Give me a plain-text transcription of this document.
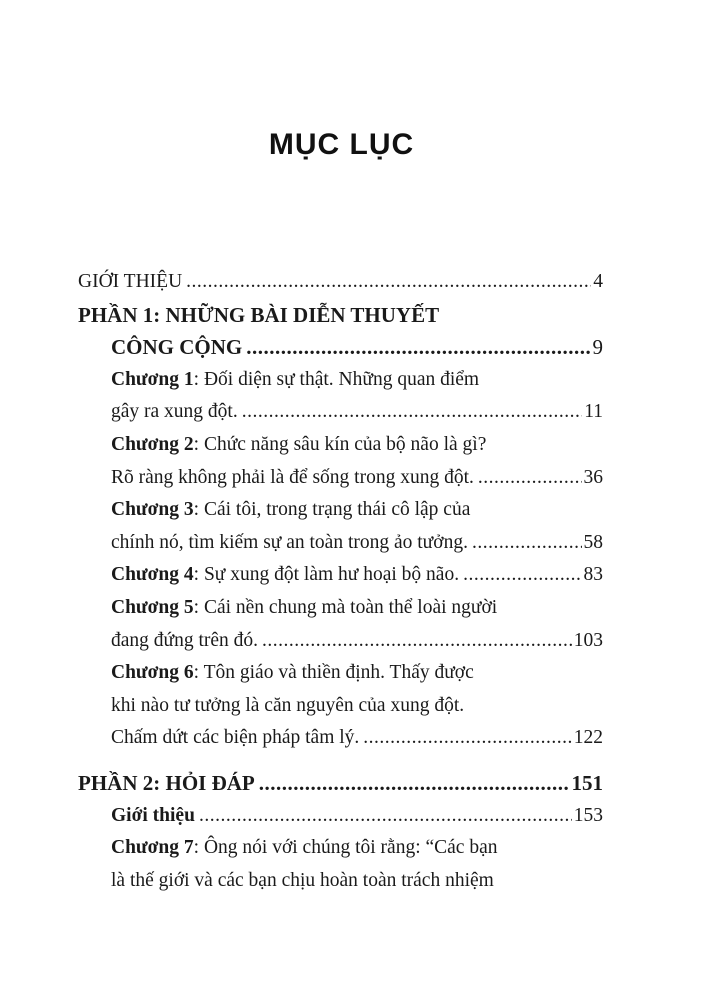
MỤC LỤC
GIỚI THIỆU .....	4
PHẦN 1: NHỮNG BÀI DIỄN THUYẾT
CÔNG CỘNG .....	9
Chương 1 : Đối diện sự thật. Những quan điểm
gây ra xung đột. .....	11
Chương 2 : Chức năng sâu kín của bộ não là gì?
Rõ ràng không phải là để sống trong xung đột. .....	36
Chương 3 : Cái tôi, trong trạng thái cô lập của
chính nó, tìm kiếm sự an toàn trong ảo tưởng. .....	58
Chương 4 : Sự xung đột làm hư hoại bộ não. .....	83
Chương 5 : Cái nền chung mà toàn thể loài người
đang đứng trên đó. .....	103
Chương 6 : Tôn giáo và thiền định. Thấy được
khi nào tư tưởng là căn nguyên của xung đột.
Chấm dứt các biện pháp tâm lý. .....	122
PHẦN 2: HỎI ĐÁP .....	151
Giới thiệu .....	153
Chương 7 : Ông nói với chúng tôi rằng: “Các bạn
là thế giới và các bạn chịu hoàn toàn trách nhiệm
